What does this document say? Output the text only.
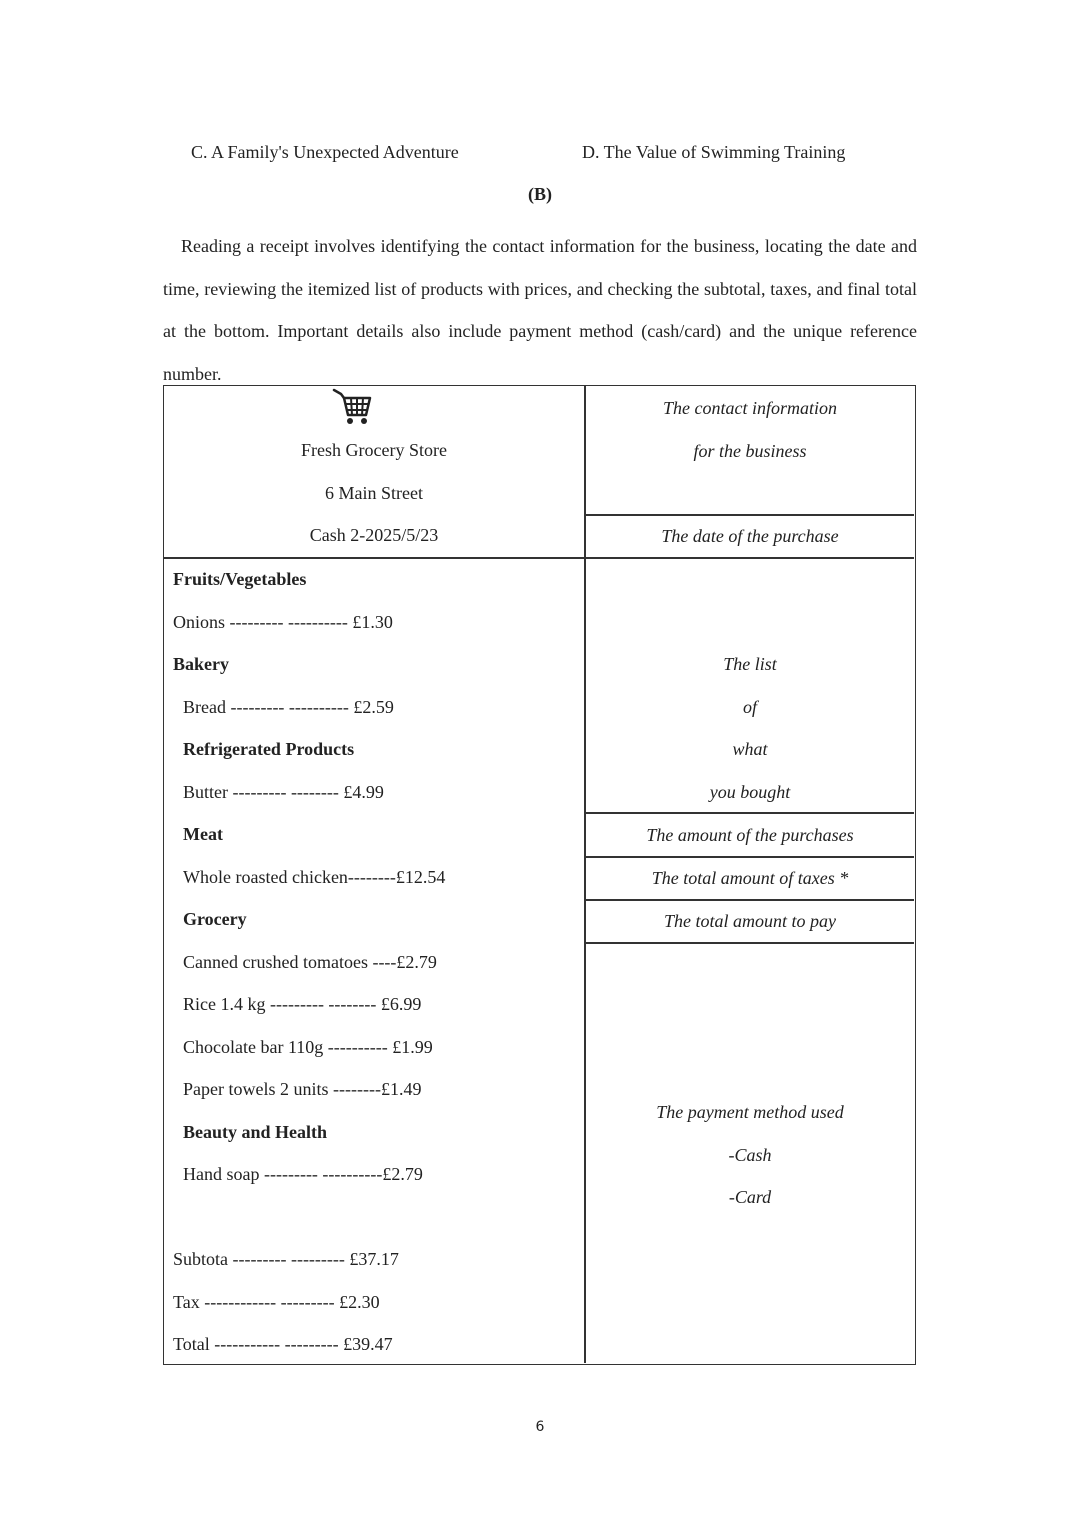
C. A Family's Unexpected Adventure	D. The Value of Swimming Training
(B)

Reading a receipt involves identifying the contact information for the business, locating the date and time, reviewing the itemized list of products with prices, and checking the subtotal, taxes, and final total at the bottom. Important details also include payment method (cash/card) and the unique reference number.

Fresh Grocery Store
6 Main Street
Cash 2-2025/5/23
Fruits/Vegetables
Onions --------- ---------- £1.30
Bakery
Bread --------- ---------- £2.59
Refrigerated Products
Butter --------- -------- £4.99
Meat
Whole roasted chicken--------£12.54
Grocery
Canned crushed tomatoes ----£2.79
Rice 1.4 kg --------- -------- £6.99
Chocolate bar 110g ---------- £1.99
Paper towels 2 units --------£1.49
Beauty and Health
Hand soap --------- ----------£2.79
Subtota --------- --------- £37.17
Tax ------------ --------- £2.30
Total ----------- --------- £39.47
The contact information
for the business
The date of the purchase
The list
of
what
you bought
The amount of the purchases
The total amount of taxes *
The total amount to pay
The payment method used
-Cash
-Card
6
